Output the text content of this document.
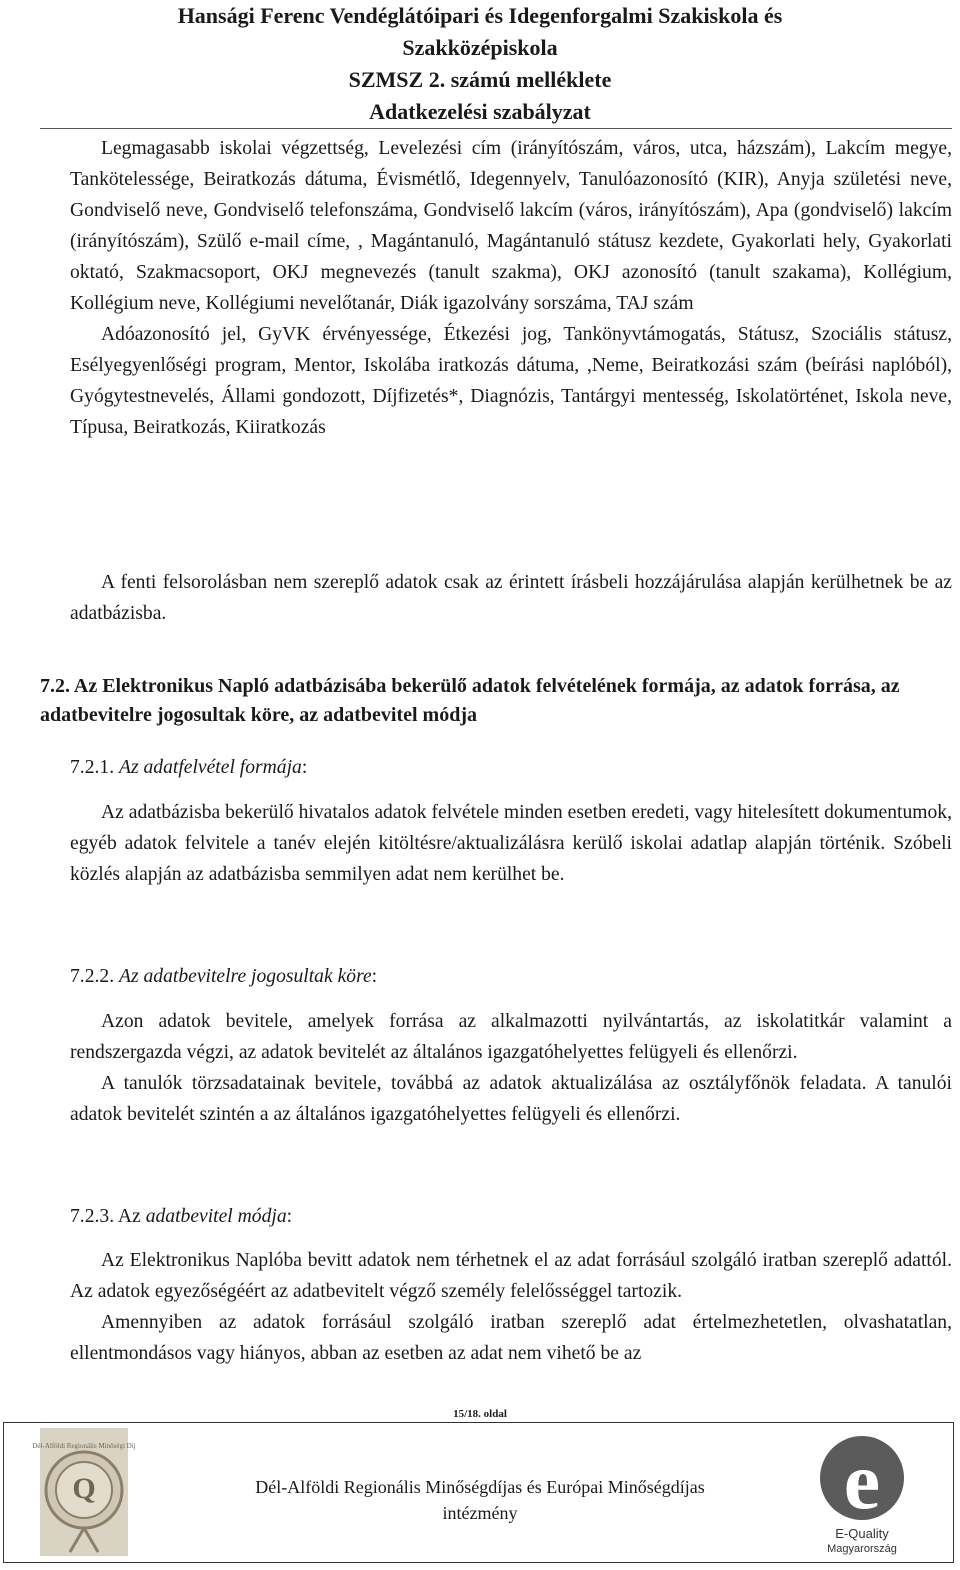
Hansági Ferenc Vendéglátóipari és Idegenforgalmi Szakiskola és
Szakközépiskola
SZMSZ 2. számú melléklete
Adatkezelési szabályzat

Legmagasabb iskolai végzettség, Levelezési cím (irányítószám, város, utca, házszám), Lakcím megye, Tankötelessége, Beiratkozás dátuma, Évismétlő, Idegennyelv, Tanulóazonosító (KIR), Anyja születési neve, Gondviselő neve, Gondviselő telefonszáma, Gondviselő lakcím (város, irányítószám), Apa (gondviselő) lakcím (irányítószám), Szülő e-mail címe, , Magántanuló, Magántanuló státusz kezdete, Gyakorlati hely, Gyakorlati oktató, Szakmacsoport, OKJ megnevezés (tanult szakma), OKJ azonosító (tanult szakama), Kollégium, Kollégium neve, Kollégiumi nevelőtanár, Diák igazolvány sorszáma, TAJ szám

Adóazonosító jel, GyVK érvényessége, Étkezési jog, Tankönyvtámogatás, Státusz, Szociális státusz, Esélyegyenlőségi program, Mentor, Iskolába iratkozás dátuma, ,Neme, Beiratkozási szám (beírási naplóból), Gyógytestnevelés, Állami gondozott, Díjfizetés*, Diagnózis, Tantárgyi mentesség, Iskolatörténet, Iskola neve, Típusa, Beiratkozás, Kiiratkozás

A fenti felsorolásban nem szereplő adatok csak az érintett írásbeli hozzájárulása alapján kerülhetnek be az adatbázisba.

7.2. Az Elektronikus Napló adatbázisába bekerülő adatok felvételének formája, az adatok forrása, az adatbevitelre jogosultak köre, az adatbevitel módja
7.2.1. Az adatfelvétel formája:

Az adatbázisba bekerülő hivatalos adatok felvétele minden esetben eredeti, vagy hitelesített dokumentumok, egyéb adatok felvitele a tanév elején kitöltésre/aktualizálásra kerülő iskolai adatlap alapján történik. Szóbeli közlés alapján az adatbázisba semmilyen adat nem kerülhet be.

7.2.2. Az adatbevitelre jogosultak köre:

Azon adatok bevitele, amelyek forrása az alkalmazotti nyilvántartás, az iskolatitkár valamint a rendszergazda végzi, az adatok bevitelét az általános igazgatóhelyettes felügyeli és ellenőrzi.

A tanulók törzsadatainak bevitele, továbbá az adatok aktualizálása az osztályfőnök feladata. A tanulói adatok bevitelét szintén a az általános igazgatóhelyettes felügyeli és ellenőrzi.

7.2.3. Az adatbevitel módja:

Az Elektronikus Naplóba bevitt adatok nem térhetnek el az adat forrásául szolgáló iratban szereplő adattól. Az adatok egyezőségéért az adatbevitelt végző személy felelősséggel tartozik.

Amennyiben az adatok forrásául szolgáló iratban szereplő adat értelmezhetetlen, olvashatatlan, ellentmondásos vagy hiányos, abban az esetben az adat nem vihető be az

15/18. oldal
Q
Dél-Alföldi Regionális Minőségi Díj
Dél-Alföldi Regionális Minőségdíjas és Európai Minőségdíjas
intézmény	e
E-Quality
Magyarország
